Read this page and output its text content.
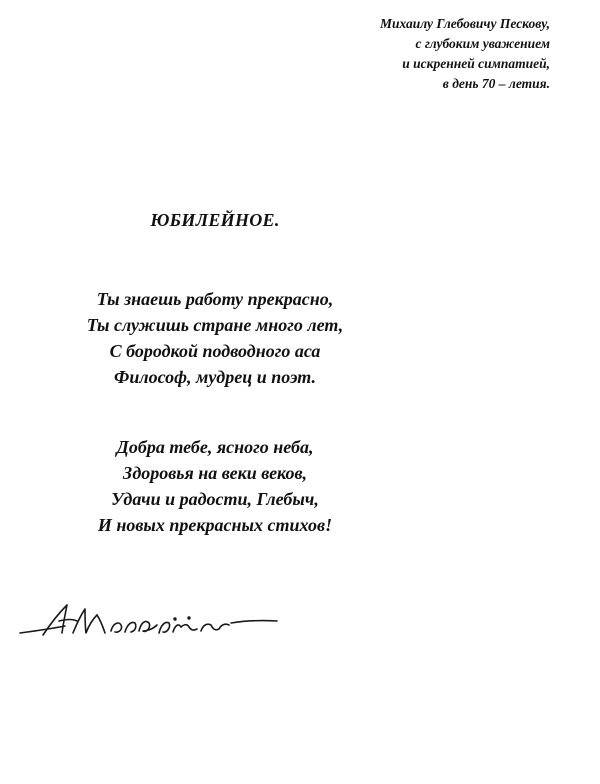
Михаилу Глебовичу Пескову,
с глубоким уважением
и искренней симпатией,
в день 70 – летия.
ЮБИЛЕЙНОЕ.
Ты знаешь работу прекрасно,
Ты служишь стране много лет,
С бородкой подводного аса
Философ, мудрец и поэт.
Добра тебе, ясного неба,
Здоровья на веки веков,
Удачи и радости, Глебыч,
И новых прекрасных стихов!
